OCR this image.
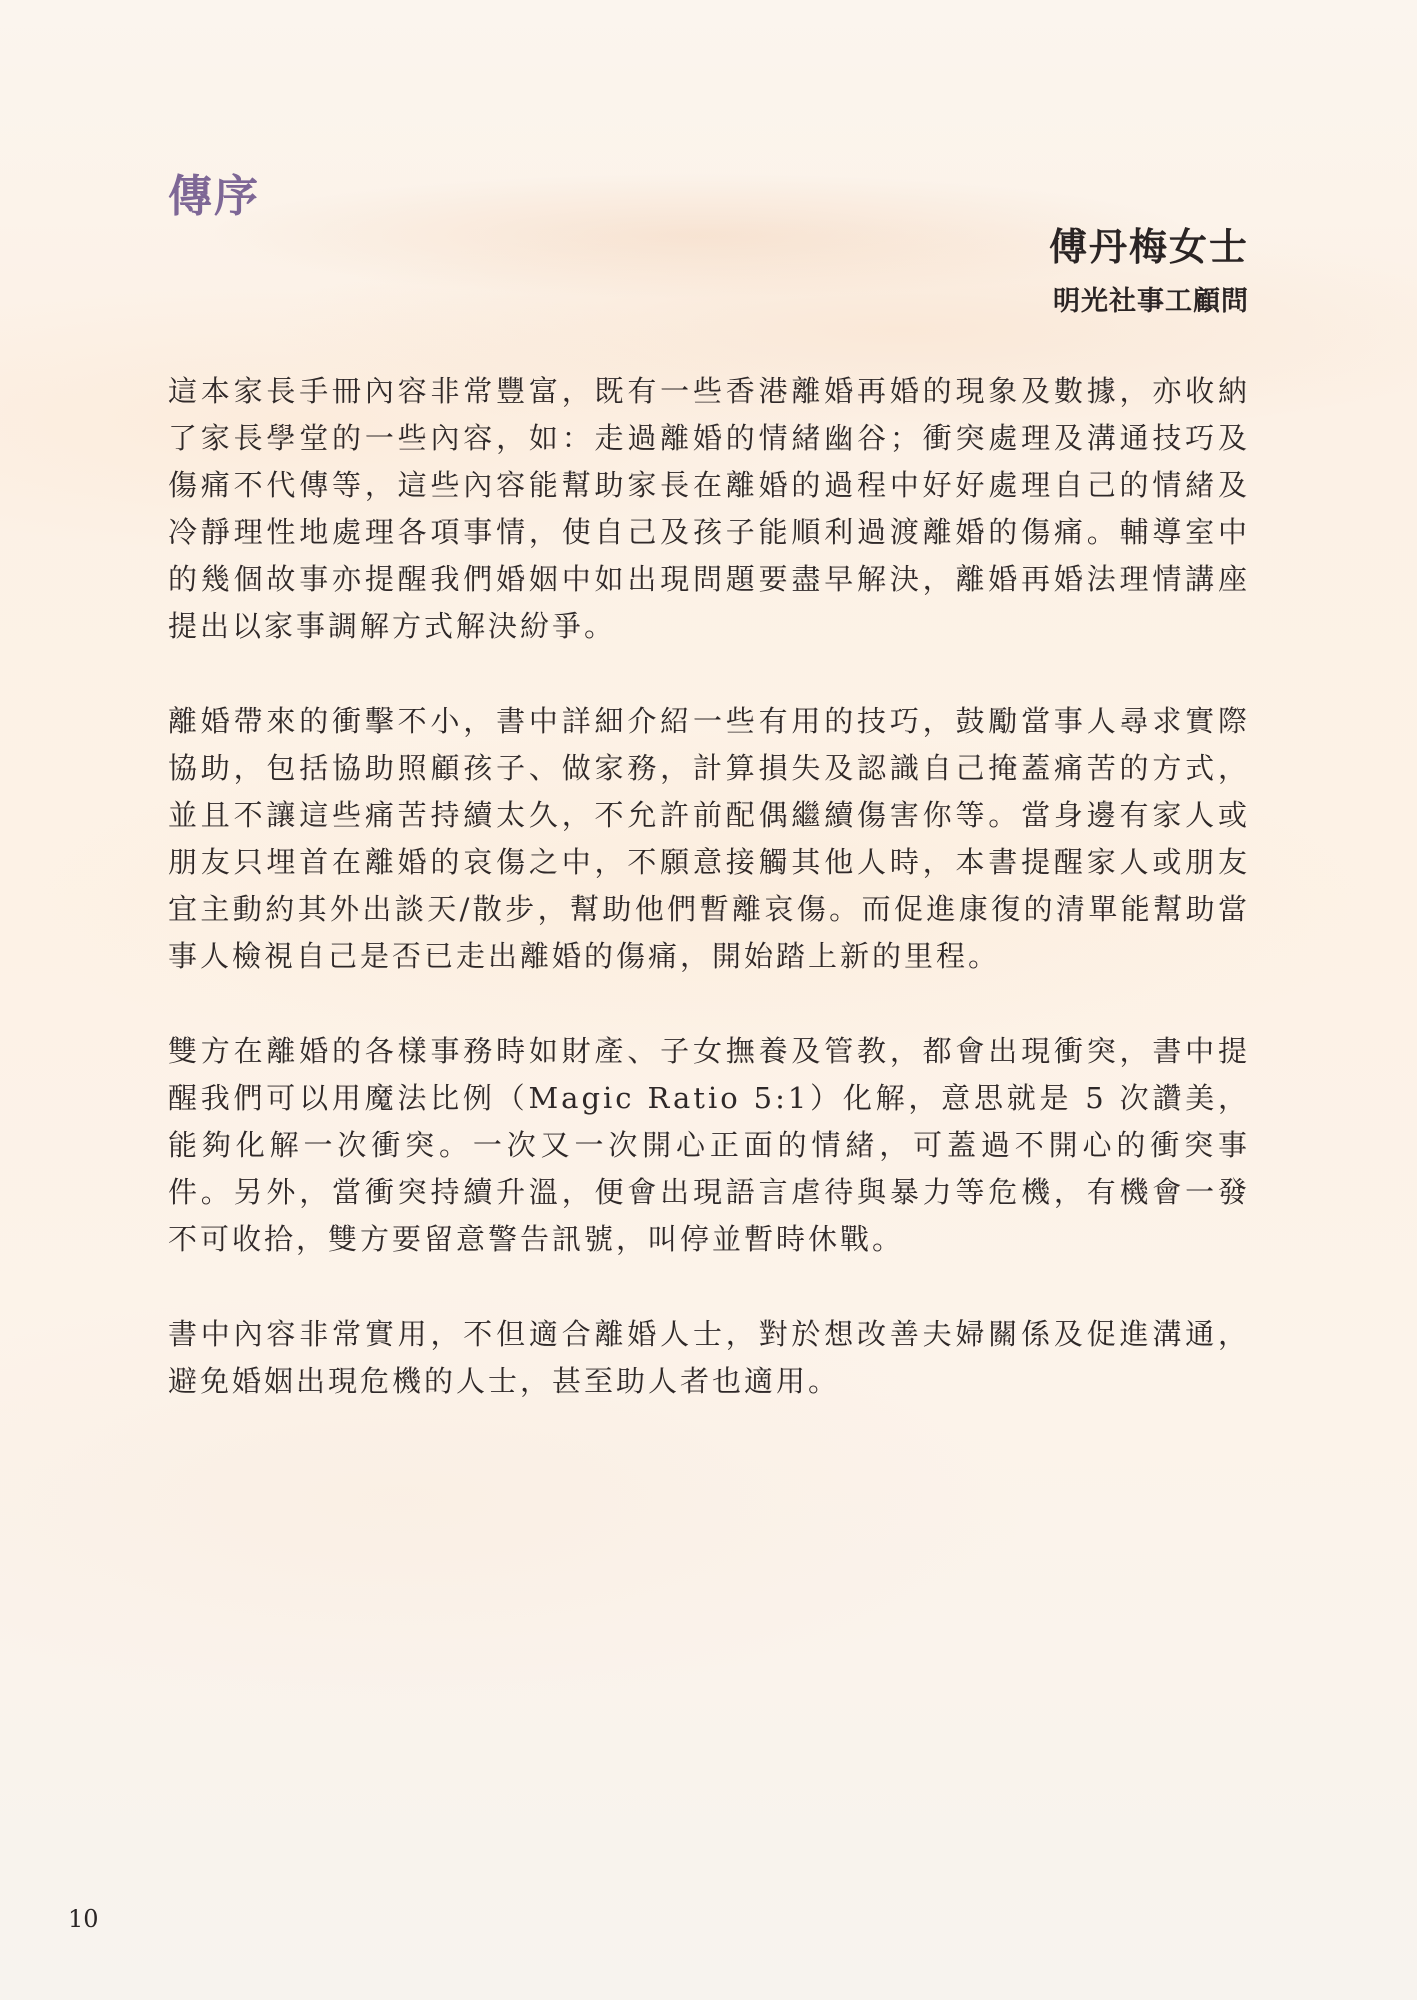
傳序
傅丹梅女士
明光社事工顧問

這本家長手冊內容非常豐富，既有一些香港離婚再婚的現象及數據，亦收納了家長學堂的一些內容，如：走過離婚的情緒幽谷；衝突處理及溝通技巧及傷痛不代傳等，這些內容能幫助家長在離婚的過程中好好處理自己的情緒及冷靜理性地處理各項事情，使自己及孩子能順利過渡離婚的傷痛。輔導室中的幾個故事亦提醒我們婚姻中如出現問題要盡早解決，離婚再婚法理情講座提出以家事調解方式解決紛爭。

離婚帶來的衝擊不小，書中詳細介紹一些有用的技巧，鼓勵當事人尋求實際協助，包括協助照顧孩子、做家務，計算損失及認識自己掩蓋痛苦的方式，並且不讓這些痛苦持續太久，不允許前配偶繼續傷害你等。當身邊有家人或朋友只埋首在離婚的哀傷之中，不願意接觸其他人時，本書提醒家人或朋友宜主動約其外出談天/散步，幫助他們暫離哀傷。而促進康復的清單能幫助當事人檢視自己是否已走出離婚的傷痛，開始踏上新的里程。

雙方在離婚的各樣事務時如財產、子女撫養及管教，都會出現衝突，書中提醒我們可以用魔法比例（Magic Ratio 5:1）化解，意思就是 5 次讚美，能夠化解一次衝突。一次又一次開心正面的情緒，可蓋過不開心的衝突事件。另外，當衝突持續升溫，便會出現語言虐待與暴力等危機，有機會一發不可收拾，雙方要留意警告訊號，叫停並暫時休戰。

書中內容非常實用，不但適合離婚人士，對於想改善夫婦關係及促進溝通，避免婚姻出現危機的人士，甚至助人者也適用。

10
